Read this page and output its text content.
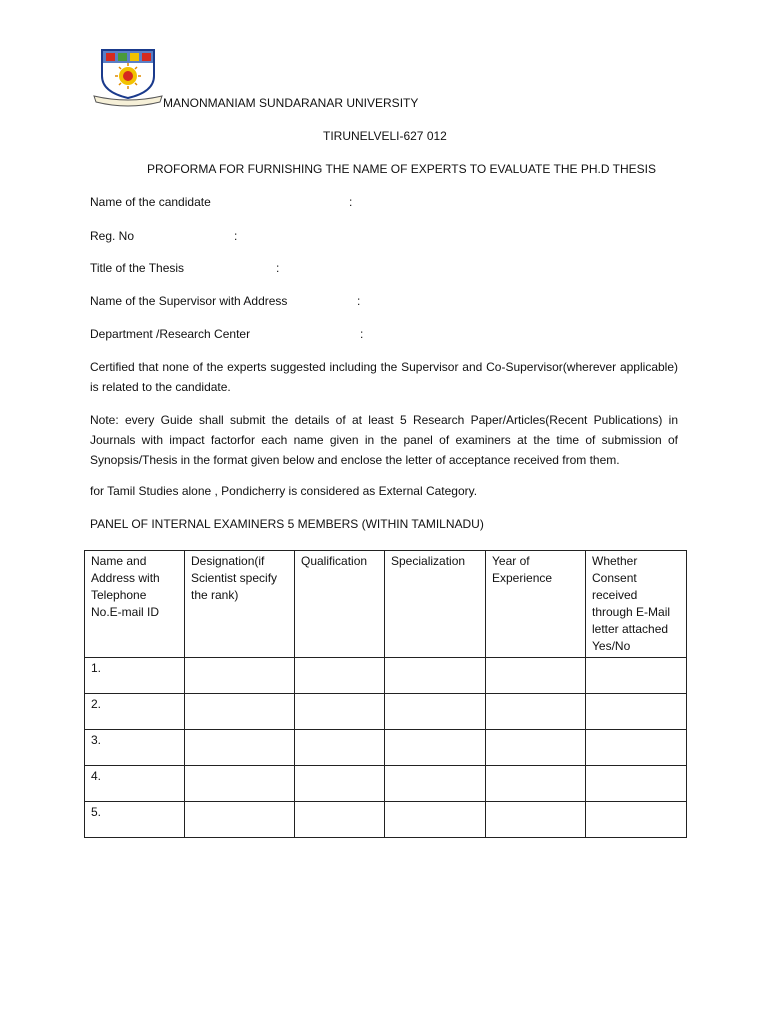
MANONMANIAM SUNDARANAR UNIVERSITY
TIRUNELVELI-627 012
PROFORMA FOR FURNISHING THE NAME OF EXPERTS TO EVALUATE THE PH.D THESIS
Name of the candidate	:
Reg. No	:
Title of the Thesis	:
Name of the Supervisor with Address	:
Department /Research Center	:
Certified that none of the experts suggested including the Supervisor and Co-Supervisor(wherever applicable) is related to the candidate.
Note: every Guide shall submit the details of at least 5 Research Paper/Articles(Recent Publications) in Journals with impact factorfor each name given in the panel of examiners at the time of submission of Synopsis/Thesis in the format given below and enclose the letter of acceptance received from them.
for Tamil Studies alone , Pondicherry is considered as External Category.
PANEL OF INTERNAL EXAMINERS 5 MEMBERS (WITHIN TAMILNADU)
Name and Address with Telephone No.E-mail ID	Designation(if Scientist specify the rank)	Qualification	Specialization	Year of Experience	Whether Consent received through E-Mail letter attached Yes/No
1.					
2.					
3.					
4.					
5.					
